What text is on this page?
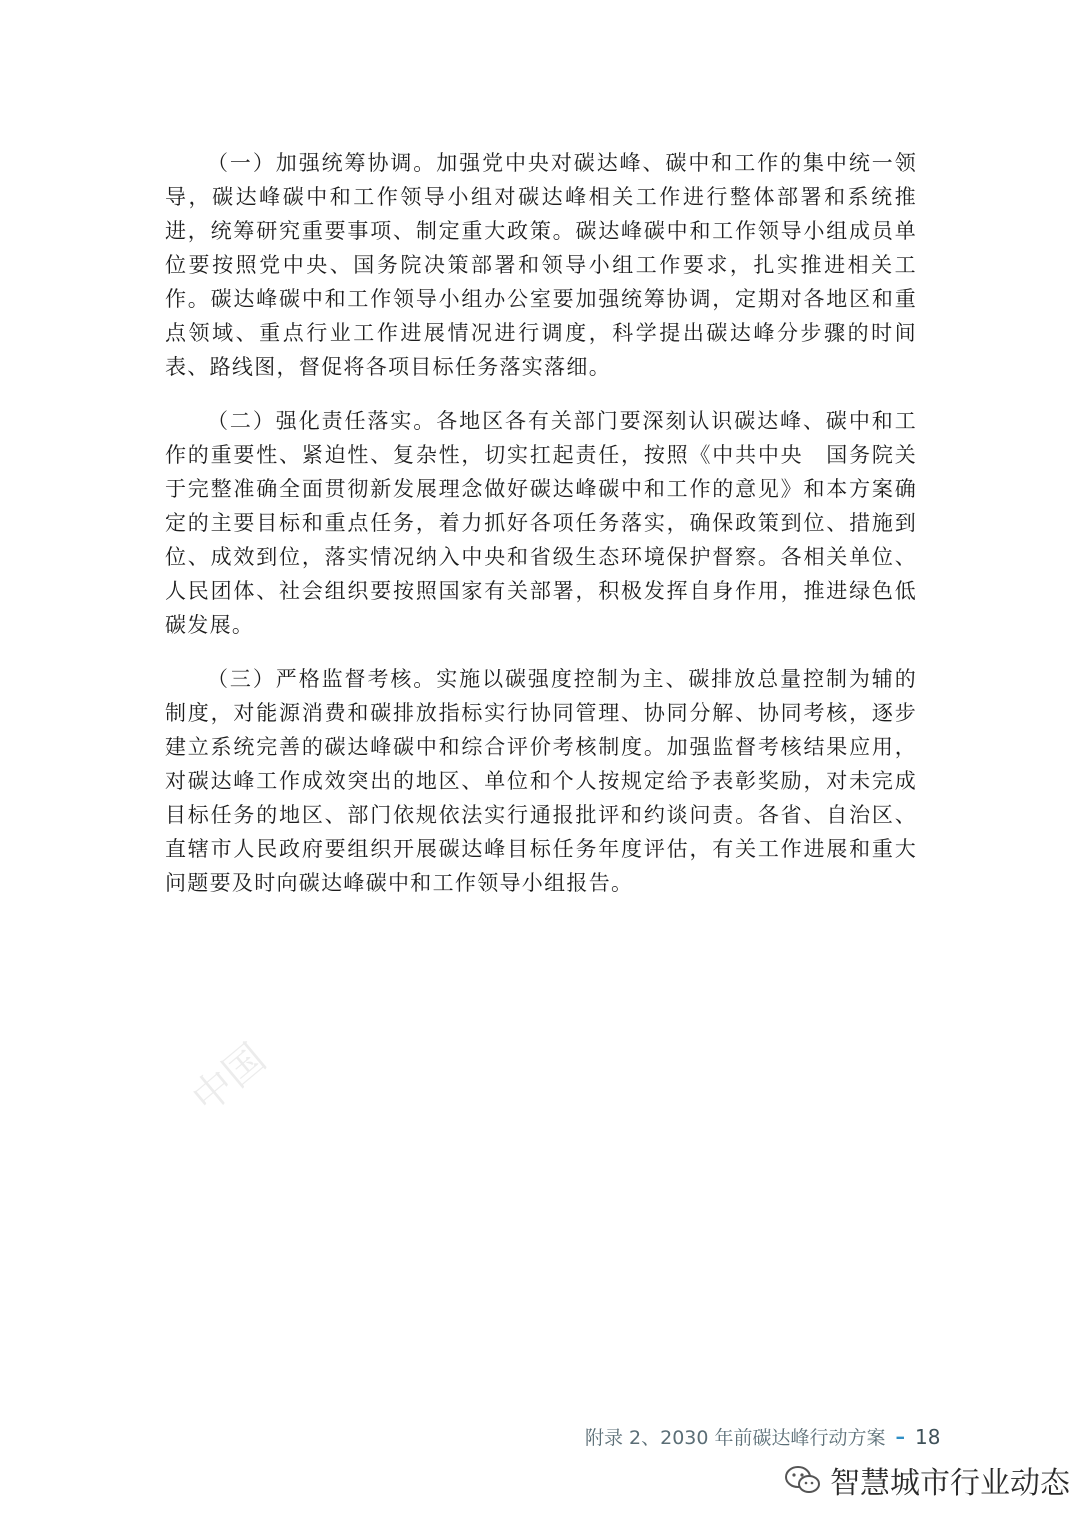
（一）加强统筹协调。加强党中央对碳达峰、碳中和工作的集中统一领导，碳达峰碳中和工作领导小组对碳达峰相关工作进行整体部署和系统推进，统筹研究重要事项、制定重大政策。碳达峰碳中和工作领导小组成员单位要按照党中央、国务院决策部署和领导小组工作要求，扎实推进相关工作。碳达峰碳中和工作领导小组办公室要加强统筹协调，定期对各地区和重点领域、重点行业工作进展情况进行调度，科学提出碳达峰分步骤的时间表、路线图，督促将各项目标任务落实落细。

（二）强化责任落实。各地区各有关部门要深刻认识碳达峰、碳中和工作的重要性、紧迫性、复杂性，切实扛起责任，按照《中共中央　国务院关于完整准确全面贯彻新发展理念做好碳达峰碳中和工作的意见》和本方案确定的主要目标和重点任务，着力抓好各项任务落实，确保政策到位、措施到位、成效到位，落实情况纳入中央和省级生态环境保护督察。各相关单位、人民团体、社会组织要按照国家有关部署，积极发挥自身作用，推进绿色低碳发展。

（三）严格监督考核。实施以碳强度控制为主、碳排放总量控制为辅的制度，对能源消费和碳排放指标实行协同管理、协同分解、协同考核，逐步建立系统完善的碳达峰碳中和综合评价考核制度。加强监督考核结果应用，对碳达峰工作成效突出的地区、单位和个人按规定给予表彰奖励，对未完成目标任务的地区、部门依规依法实行通报批评和约谈问责。各省、自治区、直辖市人民政府要组织开展碳达峰目标任务年度评估，有关工作进展和重大问题要及时向碳达峰碳中和工作领导小组报告。

中国
附录 2、2030 年前碳达峰行动方案 – 18
智慧城市行业动态
